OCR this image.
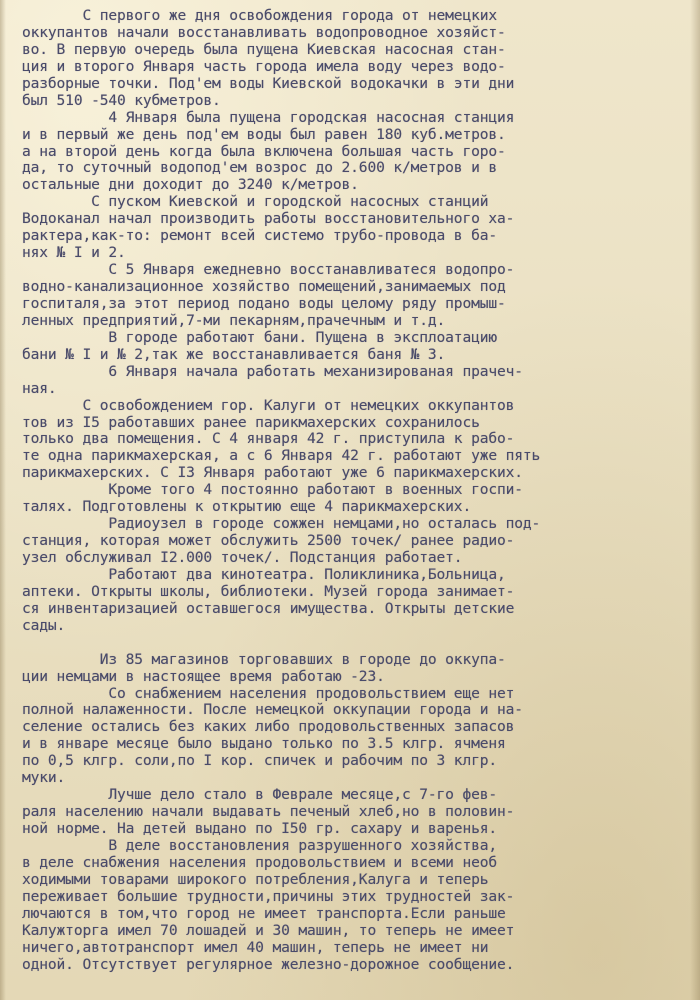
С первого же дня освобождения города от немецких
оккупантов начали восстанавливать водопроводное хозяйст-
во. В первую очередь была пущена Киевская насосная стан-
ция и второго Января часть города имела воду через водо-
разборные точки. Под'ем воды Киевской водокачки в эти дни
был 510 -540 кубметров.
4 Января была пущена городская насосная станция
и в первый же день под'ем воды был равен 180 куб.метров.
а на второй день когда была включена большая часть горо-
да, то суточный водопод'ем возрос до 2.600 к/метров и в
остальные дни доходит до 3240 к/метров.
С пуском Киевской и городской насосных станций
Водоканал начал производить работы восстановительного ха-
рактера,как-то: ремонт всей системо трубо-провода в ба-
нях № I и 2.
С 5 Января ежедневно восстанавливатеся водопро-
водно-канализационное хозяйство помещений,занимаемых под
госпиталя,за этот период подано воды целому ряду промыш-
ленных предприятий,7-ми пекарням,прачечным и т.д.
В городе работают бани. Пущена в эксплоатацию
бани № I и № 2,так же восстанавливается баня № 3.
6 Января начала работать механизированая прачеч-
ная.
С освобождением гор. Калуги от немецких оккупантов
тов из I5 работавших ранее парикмахерских сохранилось
только два помещения. С 4 января 42 г. приступила к рабо-
те одна парикмахерская, а с 6 Января 42 г. работают уже пять
парикмахерских. С I3 Января работают уже 6 парикмахерских.
Кроме того 4 постоянно работают в военных госпи-
талях. Подготовлены к открытию еще 4 парикмахерских.
Радиоузел в городе сожжен немцами,но осталась под-
станция, которая может обслужить 2500 точек/ ранее радио-
узел обслуживал I2.000 точек/. Подстанция работает.
Работают два кинотеатра. Поликлиника,Больница,
аптеки. Открыты школы, библиотеки. Музей города занимает-
ся инвентаризацией оставшегося имущества. Открыты детские
сады.
Из 85 магазинов торговавших в городе до оккупа-
ции немцами в настоящее время работаю -23.
Со снабжением населения продовольствием еще нет
полной налаженности. После немецкой оккупации города и на-
селение остались без каких либо продовольственных запасов
и в январе месяце было выдано только по 3.5 клгр. ячменя
по 0,5 клгр. соли,по I кор. спичек и рабочим по 3 клгр.
муки.
Лучше дело стало в Феврале месяце,с 7-го фев-
раля населению начали выдавать печеный хлеб,но в половин-
ной норме. На детей выдано по I50 гр. сахару и варенья.
В деле восстановления разрушенного хозяйства,
в деле снабжения населения продовольствием и всеми необ
ходимыми товарами широкого потребления,Калуга и теперь
переживает большие трудности,причины этих трудностей зак-
лючаются в том,что город не имеет транспорта.Если раньше
Калужторга имел 70 лошадей и 30 машин, то теперь не имеет
ничего,автотранспорт имел 40 машин, теперь не имеет ни
одной. Отсутствует регулярное железно-дорожное сообщение.
